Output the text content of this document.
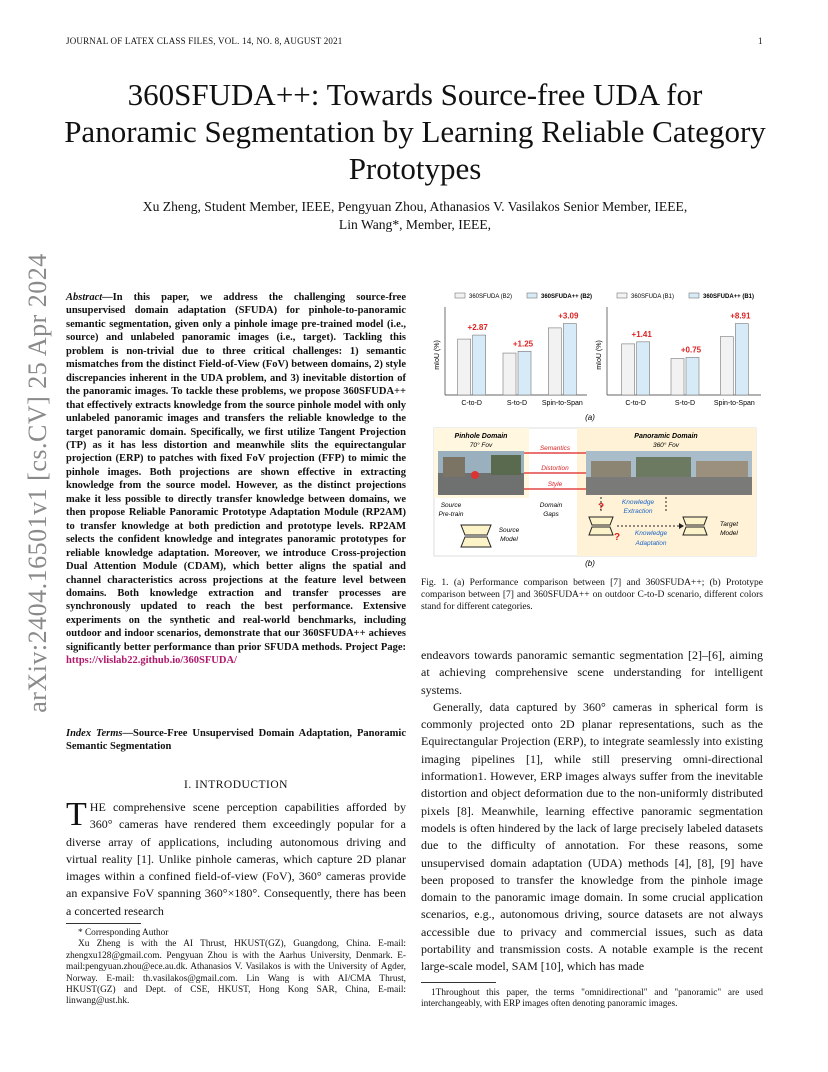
JOURNAL OF LATEX CLASS FILES, VOL. 14, NO. 8, AUGUST 2021	1
360SFUDA++: Towards Source-free UDA for Panoramic Segmentation by Learning Reliable Category Prototypes
Xu Zheng, Student Member, IEEE, Pengyuan Zhou, Athanasios V. Vasilakos Senior Member, IEEE,
Lin Wang*, Member, IEEE,
arXiv:2404.16501v1 [cs.CV] 25 Apr 2024 Abstract—In this paper, we address the challenging source-free unsupervised domain adaptation (SFUDA) for pinhole-to-panoramic semantic segmentation, given only a pinhole image pre-trained model (i.e., source) and unlabeled panoramic images (i.e., target). Tackling this problem is non-trivial due to three critical challenges: 1) semantic mismatches from the distinct Field-of-View (FoV) between domains, 2) style discrepancies inherent in the UDA problem, and 3) inevitable distortion of the panoramic images. To tackle these problems, we propose 360SFUDA++ that effectively extracts knowledge from the source pinhole model with only unlabeled panoramic images and transfers the reliable knowledge to the target panoramic domain. Specifically, we first utilize Tangent Projection (TP) as it has less distortion and meanwhile slits the equirectangular projection (ERP) to patches with fixed FoV projection (FFP) to mimic the pinhole images. Both projections are shown effective in extracting knowledge from the source model. However, as the distinct projections make it less possible to directly transfer knowledge between domains, we then propose Reliable Panoramic Prototype Adaptation Module (RP2AM) to transfer knowledge at both prediction and prototype levels. RP2AM selects the confident knowledge and integrates panoramic prototypes for reliable knowledge adaptation. Moreover, we introduce Cross-projection Dual Attention Module (CDAM), which better aligns the spatial and channel characteristics across projections at the feature level between domains. Both knowledge extraction and transfer processes are synchronously updated to reach the best performance. Extensive experiments on the synthetic and real-world benchmarks, including outdoor and indoor scenarios, demonstrate that our 360SFUDA++ achieves significantly better performance than prior SFUDA methods. Project Page: https://vlislab22.github.io/360SFUDA/
Index Terms—Source-Free Unsupervised Domain Adaptation, Panoramic Semantic Segmentation
I. INTRODUCTION
THE comprehensive scene perception capabilities afforded by 360° cameras have rendered them exceedingly popular for a diverse array of applications, including autonomous driving and virtual reality [1]. Unlike pinhole cameras, which capture 2D planar images within a confined field-of-view (FoV), 360° cameras provide an expansive FoV spanning 360°×180°. Consequently, there has been a concerted research
* Corresponding Author
Xu Zheng is with the AI Thrust, HKUST(GZ), Guangdong, China. E-mail: zhengxu128@gmail.com. Pengyuan Zhou is with the Aarhus University, Denmark. E-mail:pengyuan.zhou@ece.au.dk. Athanasios V. Vasilakos is with the University of Agder, Norway. E-mail: th.vasilakos@gmail.com. Lin Wang is with AI/CMA Thrust, HKUST(GZ) and Dept. of CSE, HKUST, Hong Kong SAR, China, E-mail: linwang@ust.hk.
360SFUDA (B2)	360SFUDA++ (B2)
mIoU (%)
+2.87
C-to-D
+1.25
S-to-D
+3.09
Spin-to-Span
360SFUDA (B1)	360SFUDA++ (B1)
mIoU (%)
+1.41
C-to-D
+0.75
S-to-D
+8.91
Spin-to-Span
(a)
Pinhole Domain
70° Fov
Panoramic Domain
360° Fov
Semantics
Distortion
Style
Source
Pre-train
Domain
Gaps
?	Knowledge
Extraction
? Knowledge
Adaptation
Source
Model
Target
Model
(b)
Fig. 1. (a) Performance comparison between [7] and 360SFUDA++; (b) Prototype comparison between [7] and 360SFUDA++ on outdoor C-to-D scenario, different colors stand for different categories.
endeavors towards panoramic semantic segmentation [2]–[6], aiming at achieving comprehensive scene understanding for intelligent systems.
Generally, data captured by 360° cameras in spherical form is commonly projected onto 2D planar representations, such as the Equirectangular Projection (ERP), to integrate seamlessly into existing imaging pipelines [1], while still preserving omni-directional information1. However, ERP images always suffer from the inevitable distortion and object deformation due to the non-uniformly distributed pixels [8]. Meanwhile, learning effective panoramic segmentation models is often hindered by the lack of large precisely labeled datasets due to the difficulty of annotation. For these reasons, some unsupervised domain adaptation (UDA) methods [4], [8], [9] have been proposed to transfer the knowledge from the pinhole image domain to the panoramic image domain. In some crucial application scenarios, e.g., autonomous driving, source datasets are not always accessible due to privacy and commercial issues, such as data portability and transmission costs. A notable example is the recent large-scale model, SAM [10], which has made
1Throughout this paper, the terms "omnidirectional" and "panoramic" are used interchangeably, with ERP images often denoting panoramic images.
